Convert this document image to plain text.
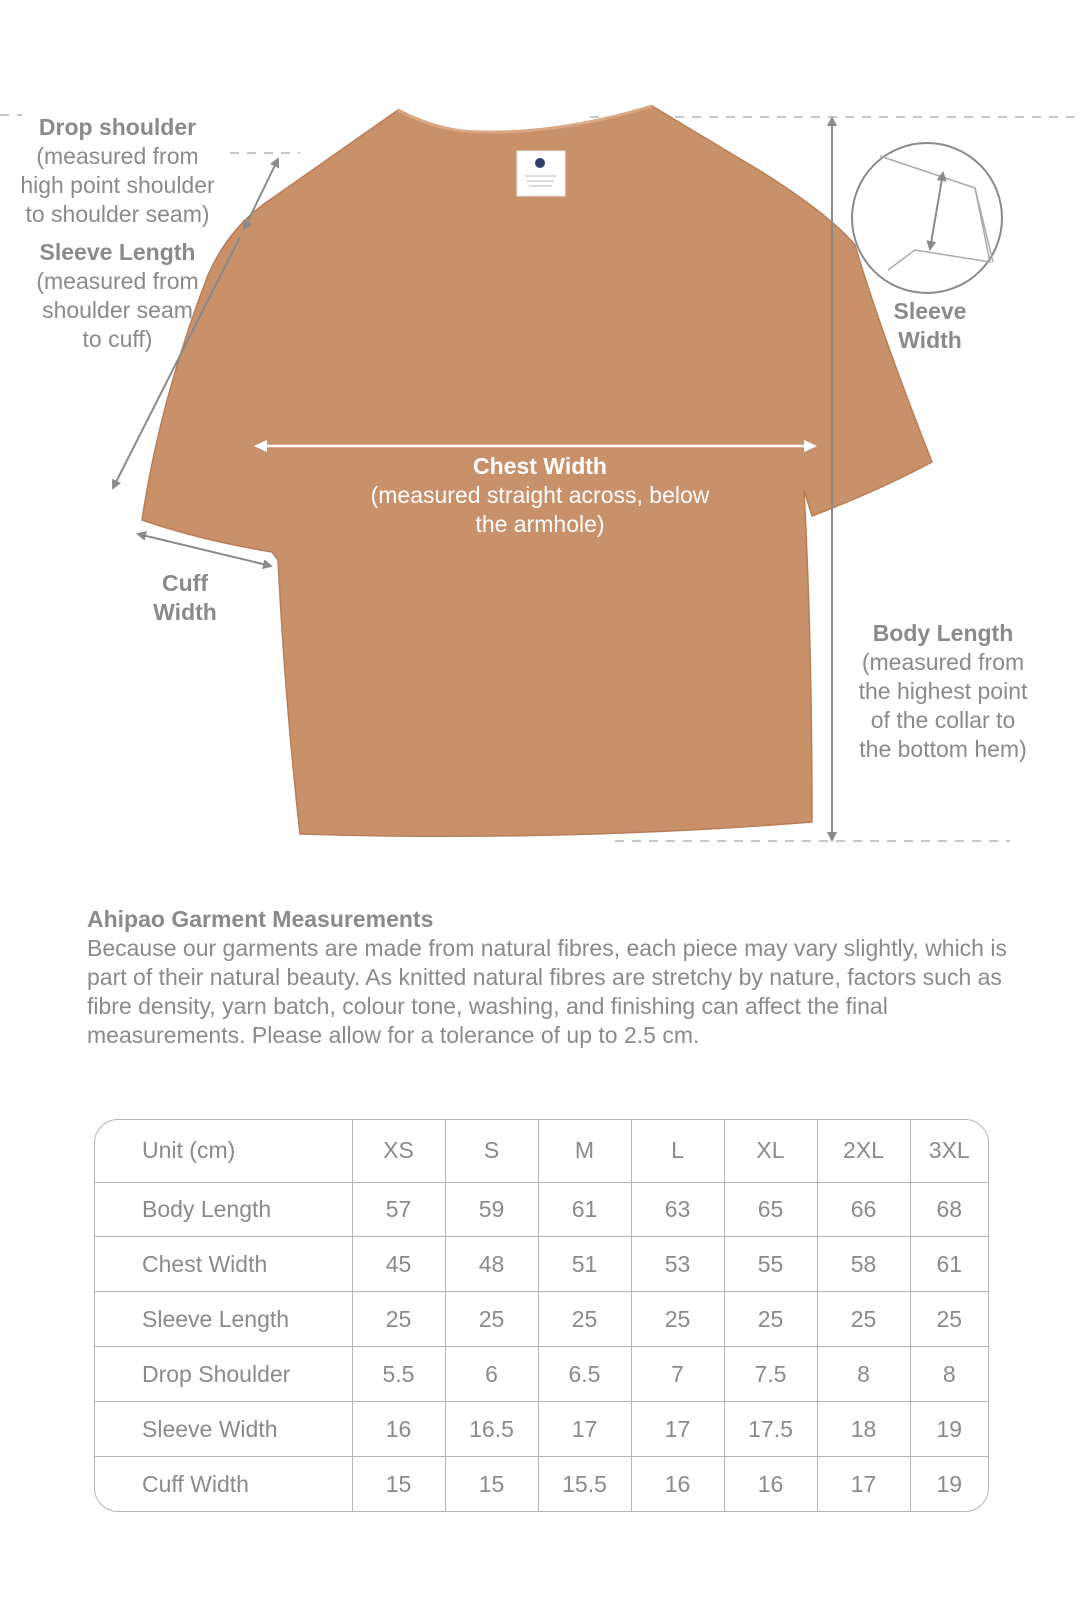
Drop shoulder
(measured from
high point shoulder
to shoulder seam)
Sleeve Length
(measured from
shoulder seam
to cuff)
Sleeve
Width
Cuff
Width
Chest Width
(measured straight across, below
the armhole)
Body Length
(measured from
the highest point
of the collar to
the bottom hem)

Ahipao Garment Measurements

Because our garments are made from natural fibres, each piece may vary slightly, which is part of their natural beauty. As knitted natural fibres are stretchy by nature, factors such as fibre density, yarn batch, colour tone, washing, and finishing can affect the final measurements. Please allow for a tolerance of up to 2.5 cm.

Unit (cm)	XS	S	M	L	XL	2XL	3XL
Body Length	57	59	61	63	65	66	68
Chest Width	45	48	51	53	55	58	61
Sleeve Length	25	25	25	25	25	25	25
Drop Shoulder	5.5	6	6.5	7	7.5	8	8
Sleeve Width	16	16.5	17	17	17.5	18	19
Cuff Width	15	15	15.5	16	16	17	19
